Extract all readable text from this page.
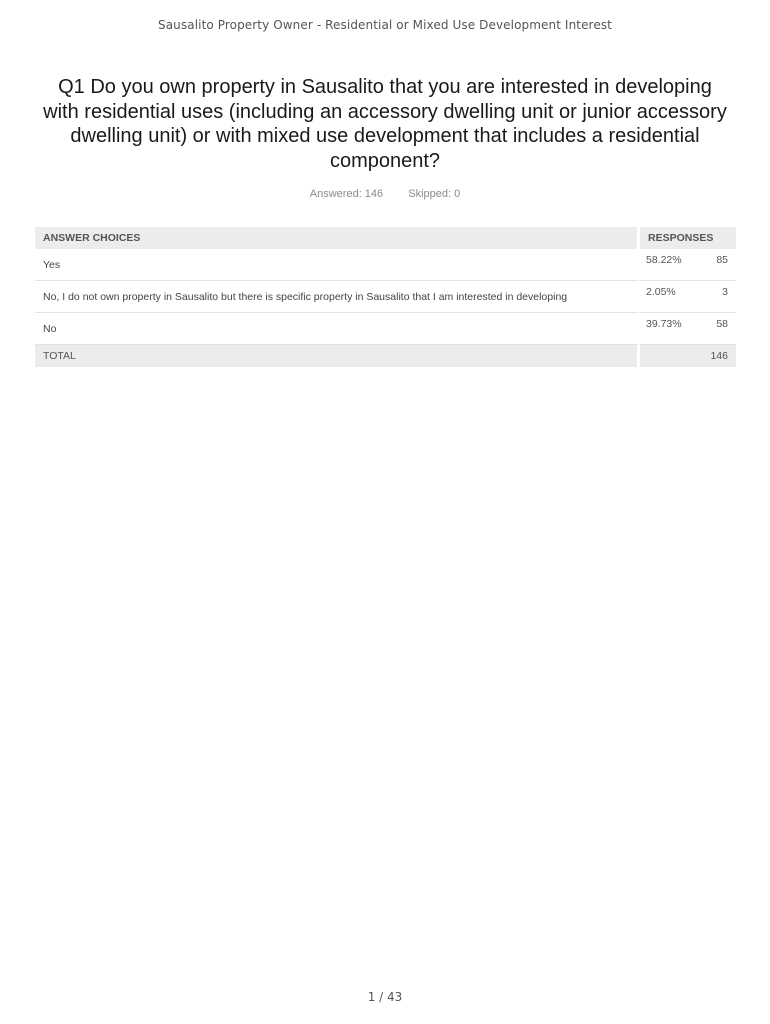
Sausalito Property Owner - Residential or Mixed Use Development Interest
Q1 Do you own property in Sausalito that you are interested in developing with residential uses (including an accessory dwelling unit or junior accessory dwelling unit) or with mixed use development that includes a residential component?
Answered: 146 Skipped: 0
ANSWER CHOICES	RESPONSES	
Yes	58.22%	85
No, I do not own property in Sausalito but there is specific property in Sausalito that I am interested in developing	2.05%	3
No	39.73%	58
TOTAL		146
1 / 43
